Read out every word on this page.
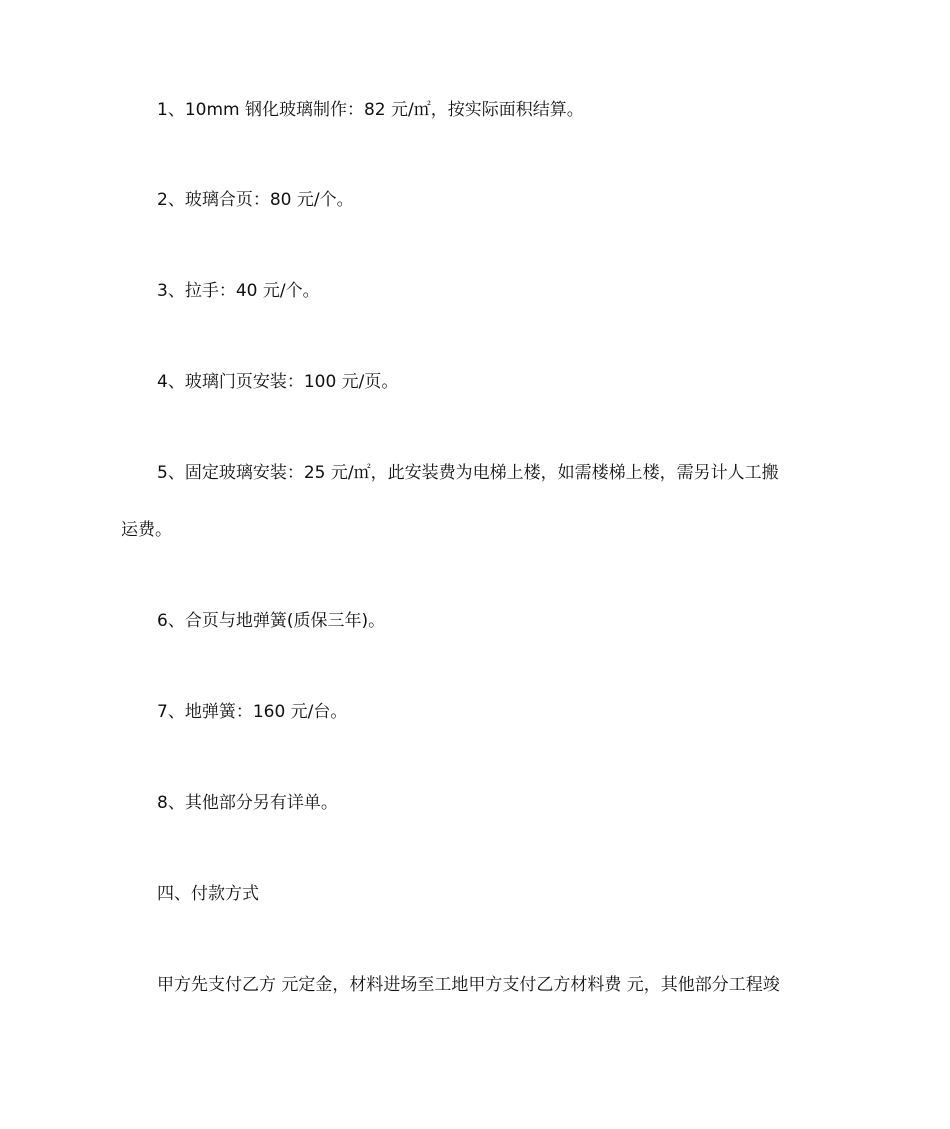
1、10mm 钢化玻璃制作：82 元/㎡，按实际面积结算。
2、玻璃合页：80 元/个。
3、拉手：40 元/个。
4、玻璃门页安装：100 元/页。
5、固定玻璃安装：25 元/㎡，此安装费为电梯上楼，如需楼梯上楼，需另计人工搬
运费。
6、合页与地弹簧(质保三年)。
7、地弹簧：160 元/台。
8、其他部分另有详单。
四、付款方式
甲方先支付乙方 元定金，材料进场至工地甲方支付乙方材料费 元，其他部分工程竣
